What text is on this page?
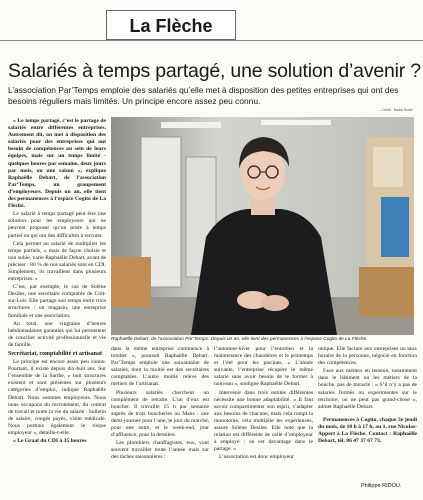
La Flèche
Salariés à temps partagé, une solution d’avenir ?
L’association Par’Temps emploie des salariés qu’elle met à disposition des petites entreprises qui ont des besoins réguliers mais limités. Un principe encore assez peu connu.
– Crédit : Nadia Rudel

« Le temps partagé, c’est le partage de salariés entre différentes entreprises. Autrement dit, on met à disposition des salariés pour des entreprises qui ont besoin de compétences au sein de leurs équipes, mais sur un temps limité - quelques heures par semaine, deux jours par mois, ou une saison », explique Raphaëlle Debart, de l’association Par’Temps, un groupement d’employeurs. Depuis un an, elle tient des permanences à l’espace Cogito de La Flèche.

Le salarié à temps partagé peut être une solution pour les employeurs qui ne peuvent proposer qu’un poste à temps partiel ou qui ont des difficultés à recruter.

Cela permet au salarié de multiplier les temps partiels, « mais de façon choisie et non subie, varie Raphaëlle Debart, avant de préciser : 80 % de nos salariés sont en CDI. Simplement, ils travaillent dans plusieurs entreprises. »

C’est, par exemple, le cas de Solène Desiles, une secrétaire comptable de Crêt-sur-Loir. Elle partage son temps entre trois structures : un magasin, une entreprise familiale et une association.

Au total, une vingtaine d’heures hebdomadaires garanties qui lui permettent de concilier activité professionnelle et vie de famille.

Secrétariat, comptabilité et artisanat

Le principe est encore assez peu connu. Pourtant, il existe depuis dix-huit ans. Sur l’ensemble de la Sarthe, « huit structures existent et sont présentes sur plusieurs catégories d’emploi, indique Raphaëlle Debart. Nous sommes employeurs. Nous nous occupons du recrutement, du contrat de travail et toute la vie du salarié : bulletin de salaire, congés payés, visite médicale. Nous portons également le risque employeur », détaille-t-elle.

« Le Graal du CDI à 35 heures

Raphaëlle Debart, de l’association Par’Temps. Depuis un an, elle tient des permanences à l’espace Cogito de La Flèche.

dans la même entreprise commence à tomber », poursuit Raphaëlle Debart. Par’Temps emploie une soixantaine de salariés, dont la moitié est des secrétaires comptables. L’autre moitié relève des métiers de l’artisanat.

Plusieurs salariés cherchent un complément de retraite. L’un d’eux est boucher. Il travaille 15 h par semaine auprès de trois boucheries au Mans : une demi-journée pour l’une, le jour du marché, pour une autre, et le week-end, jour d’affluence, pour la dernière.

Les plombiers chauffagistes, eux, vont souvent travailler toute l’année mais sur des tâches saisonnières :

l’automne-hiver pour l’entretien et la maintenance des chaudières et le printemps et l’été pour les piscines. « L’année suivante, l’entreprise récupère le même salarié sans avoir besoin de le former à nouveau », souligne Raphaëlle Debart.

Intervenir dans trois entités différentes nécessite une bonne adaptabilité. « Il faut savoir compartimenter son esprit, s’adapter aux besoins de chacune, mais cela rompt la monotonie, cela multiplie les expériences, assure Solène Desiles. Elle note que la relation est différente de celle d’employeur à employé : on est davantage dans le partage. »

L’association est donc employeur

unique. Elle facture aux entreprises un taux horaire de la personne, négocié en fonction des compétences.

Face aux métiers en tension, notamment dans le bâtiment ou les métiers de la bouche, pas de miracle : « S’il n’y a pas de salariés formés ou expérimentés sur le territoire, on ne peut pas grand-chose », admet Raphaëlle Debart.

Permanences à Cogito, chaque 3e jeudi du mois, de 10 h à 17 h, au 1, rue Nicolas-Appert à La Flèche. Contact : Raphaëlle Debart, tél. 06 47 37 67 73.

Philippe RIDOU.
